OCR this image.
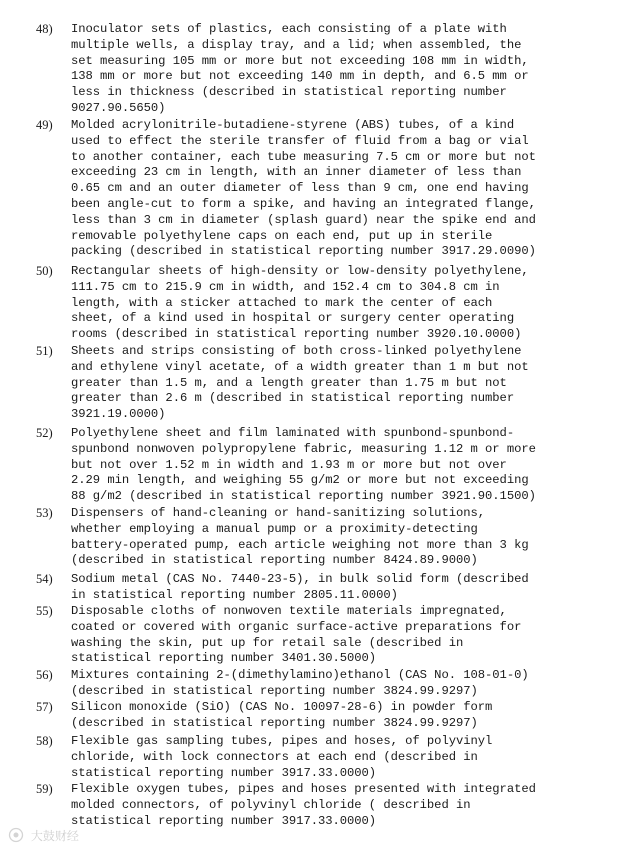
48) Inoculator sets of plastics, each consisting of a plate with
multiple wells, a display tray, and a lid; when assembled, the
set measuring 105 mm or more but not exceeding 108 mm in width,
138 mm or more but not exceeding 140 mm in depth, and 6.5 mm or
less in thickness (described in statistical reporting number
9027.90.5650)
49) Molded acrylonitrile-butadiene-styrene (ABS) tubes, of a kind
used to effect the sterile transfer of fluid from a bag or vial
to another container, each tube measuring 7.5 cm or more but not
exceeding 23 cm in length, with an inner diameter of less than
0.65 cm and an outer diameter of less than 9 cm, one end having
been angle-cut to form a spike, and having an integrated flange,
less than 3 cm in diameter (splash guard) near the spike end and
removable polyethylene caps on each end, put up in sterile
packing (described in statistical reporting number 3917.29.0090)
50) Rectangular sheets of high-density or low-density polyethylene,
111.75 cm to 215.9 cm in width, and 152.4 cm to 304.8 cm in
length, with a sticker attached to mark the center of each
sheet, of a kind used in hospital or surgery center operating
rooms (described in statistical reporting number 3920.10.0000)
51) Sheets and strips consisting of both cross-linked polyethylene
and ethylene vinyl acetate, of a width greater than 1 m but not
greater than 1.5 m, and a length greater than 1.75 m but not
greater than 2.6 m (described in statistical reporting number
3921.19.0000)
52) Polyethylene sheet and film laminated with spunbond-spunbond-
spunbond nonwoven polypropylene fabric, measuring 1.12 m or more
but not over 1.52 m in width and 1.93 m or more but not over
2.29 min length, and weighing 55 g/m2 or more but not exceeding
88 g/m2 (described in statistical reporting number 3921.90.1500)
53) Dispensers of hand-cleaning or hand-sanitizing solutions,
whether employing a manual pump or a proximity-detecting
battery-operated pump, each article weighing not more than 3 kg
(described in statistical reporting number 8424.89.9000)
54) Sodium metal (CAS No. 7440-23-5), in bulk solid form (described
in statistical reporting number 2805.11.0000)
55) Disposable cloths of nonwoven textile materials impregnated,
coated or covered with organic surface-active preparations for
washing the skin, put up for retail sale (described in
statistical reporting number 3401.30.5000)
56) Mixtures containing 2-(dimethylamino)ethanol (CAS No. 108-01-0)
(described in statistical reporting number 3824.99.9297)
57) Silicon monoxide (SiO) (CAS No. 10097-28-6) in powder form
(described in statistical reporting number 3824.99.9297)
58) Flexible gas sampling tubes, pipes and hoses, of polyvinyl
chloride, with lock connectors at each end (described in
statistical reporting number 3917.33.0000)
59) Flexible oxygen tubes, pipes and hoses presented with integrated
molded connectors, of polyvinyl chloride ( described in
statistical reporting number 3917.33.0000)
大鼓财经
